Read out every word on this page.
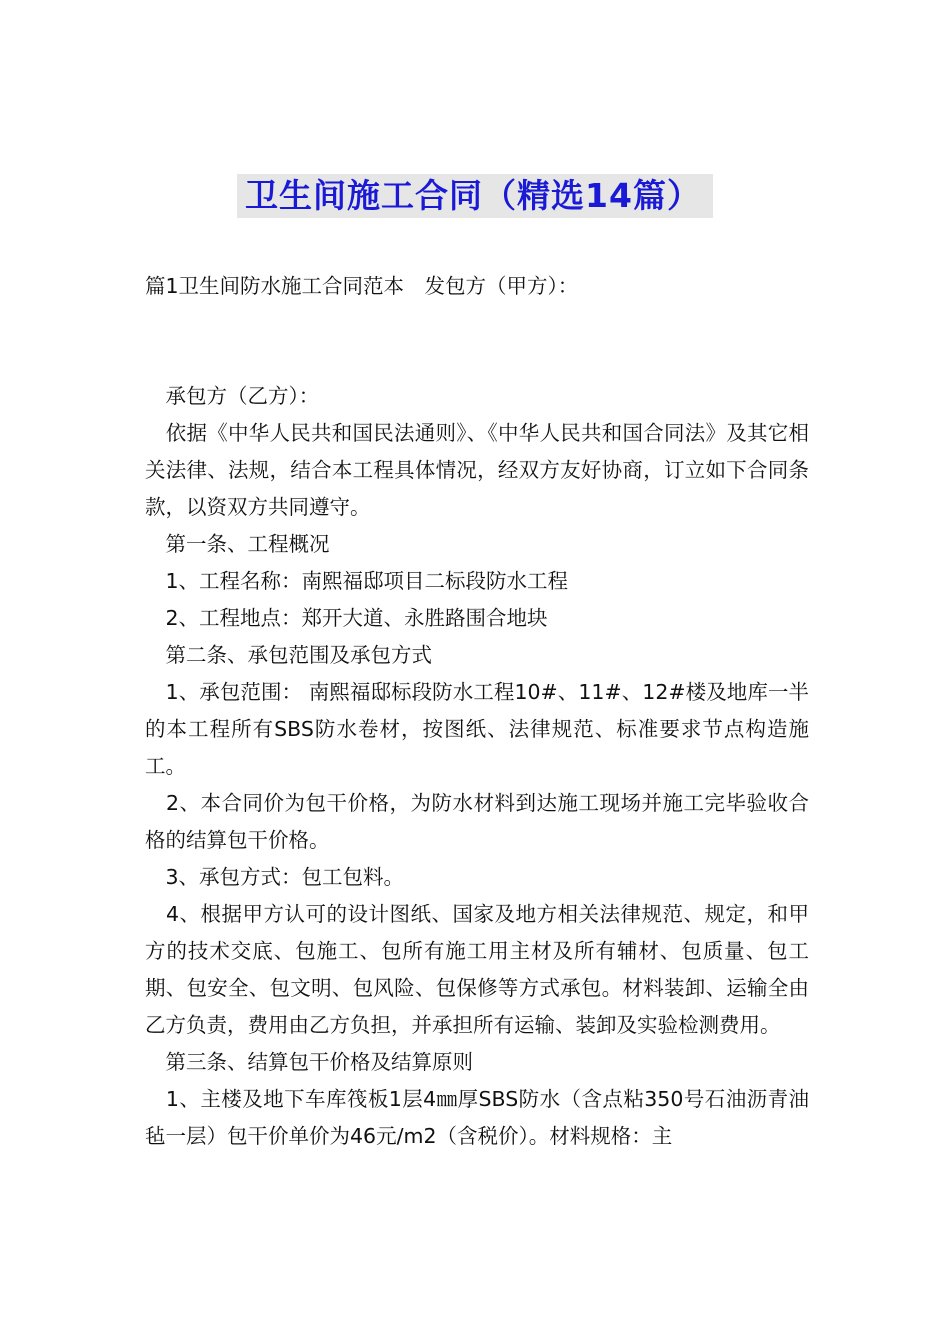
卫生间施工合同（精选14篇）

篇1卫生间防水施工合同范本　发包方（甲方）：

　承包方（乙方）：

　依据《中华人民共和国民法通则》、《中华人民共和国合同法》及其它相关法律、法规，结合本工程具体情况，经双方友好协商，订立如下合同条款，以资双方共同遵守。

　第一条、工程概况

　1、工程名称：南熙福邸项目二标段防水工程

　2、工程地点：郑开大道、永胜路围合地块

　第二条、承包范围及承包方式

　1、承包范围： 南熙福邸标段防水工程10#、11#、12#楼及地库一半的本工程所有SBS防水卷材，按图纸、法律规范、标准要求节点构造施工。

　2、本合同价为包干价格，为防水材料到达施工现场并施工完毕验收合格的结算包干价格。

　3、承包方式：包工包料。

　4、根据甲方认可的设计图纸、国家及地方相关法律规范、规定，和甲方的技术交底、包施工、包所有施工用主材及所有辅材、包质量、包工期、包安全、包文明、包风险、包保修等方式承包。材料装卸、运输全由乙方负责，费用由乙方负担，并承担所有运输、装卸及实验检测费用。

　第三条、结算包干价格及结算原则

　1、主楼及地下车库筏板1层4㎜厚SBS防水（含点粘350号石油沥青油毡一层）包干价单价为46元/m2（含税价）。材料规格：主
